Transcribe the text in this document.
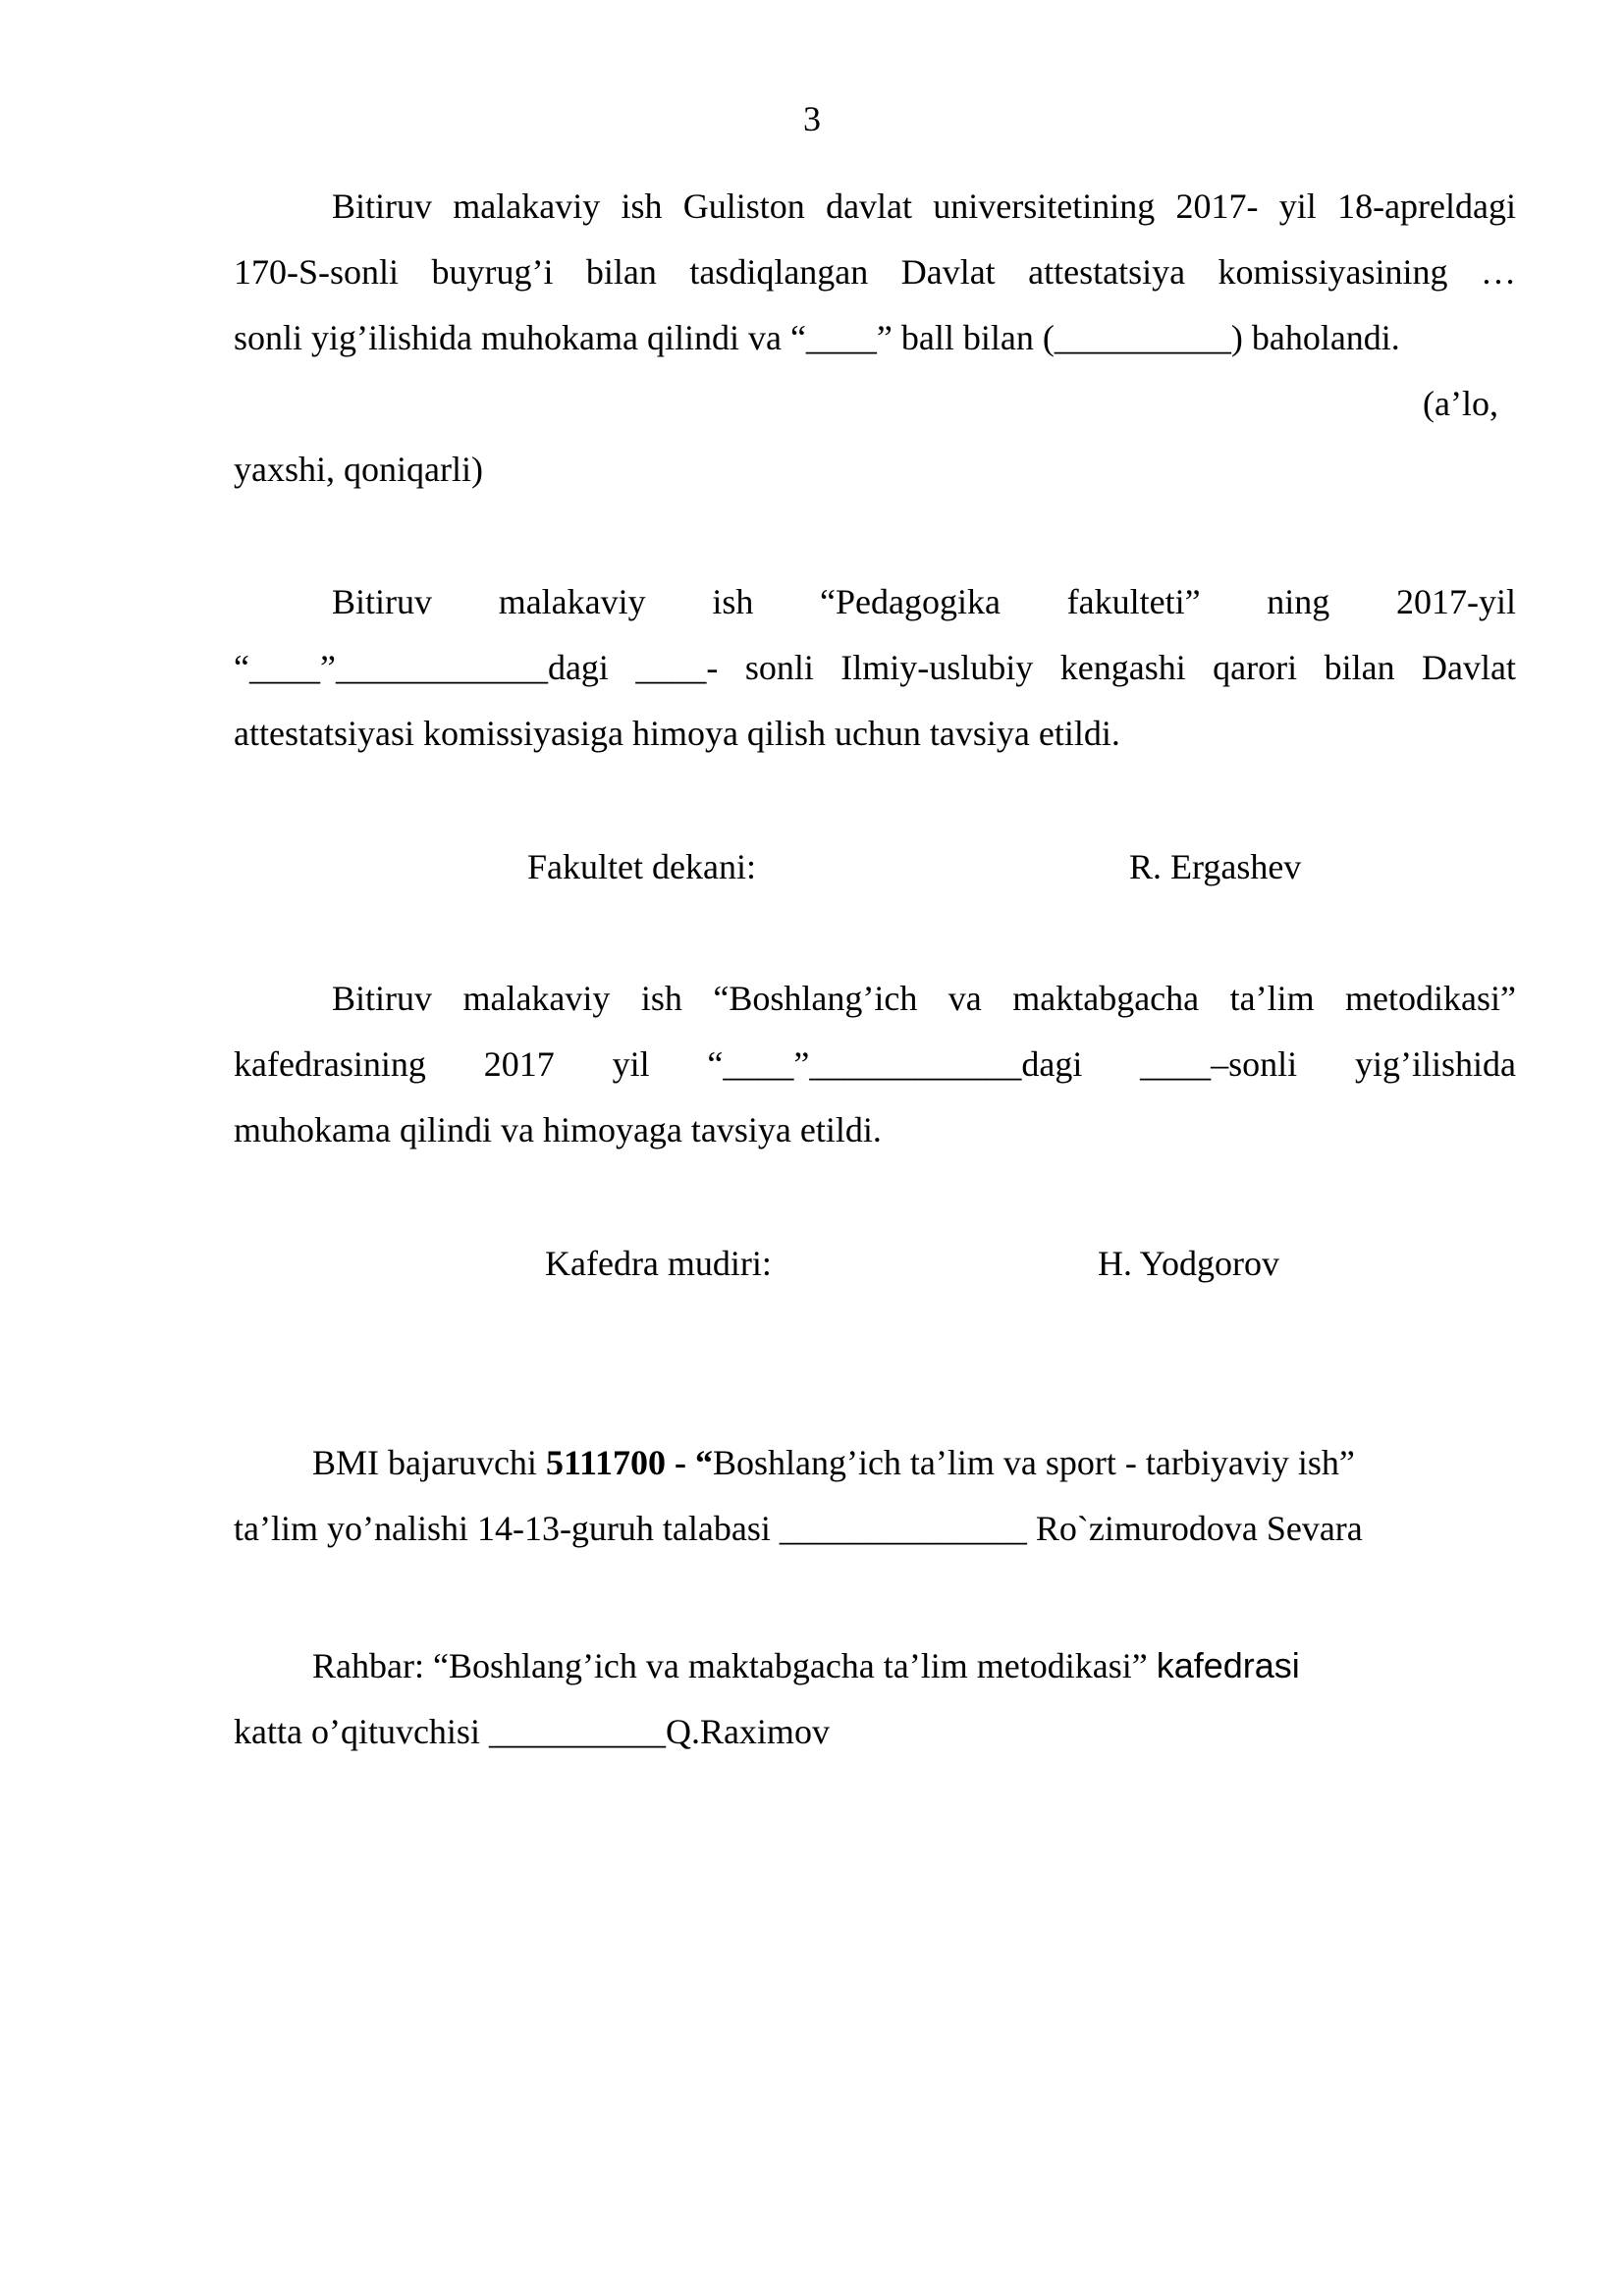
3
Bitiruv malakaviy ish Guliston davlat universitetining 2017- yil 18-apreldagi
170-S-sonli buyrug’i bilan tasdiqlangan Davlat attestatsiya komissiyasining …
sonli yig’ilishida muhokama qilindi va “____” ball bilan (__________) baholandi.
(a’lo,
yaxshi, qoniqarli)
Bitiruv malakaviy ish “Pedagogika fakulteti” ning 2017-yil
“____”____________dagi ____- sonli Ilmiy-uslubiy kengashi qarori bilan Davlat
attestatsiyasi komissiyasiga himoya qilish uchun tavsiya etildi.
Fakultet dekani:	R. Ergashev
Bitiruv malakaviy ish “Boshlang’ich va maktabgacha ta’lim metodikasi”
kafedrasining 2017 yil “____”____________dagi ____–sonli yig’ilishida
muhokama qilindi va himoyaga tavsiya etildi.
Kafedra mudiri:	H. Yodgorov
BMI bajaruvchi 5111700 - “Boshlang’ich ta’lim va sport - tarbiyaviy ish”
ta’lim yo’nalishi 14-13-guruh talabasi ______________ Ro`zimurodova Sevara
Rahbar: “Boshlang’ich va maktabgacha ta’lim metodikasi” kafedrasi
katta o’qituvchisi __________Q.Raximov
